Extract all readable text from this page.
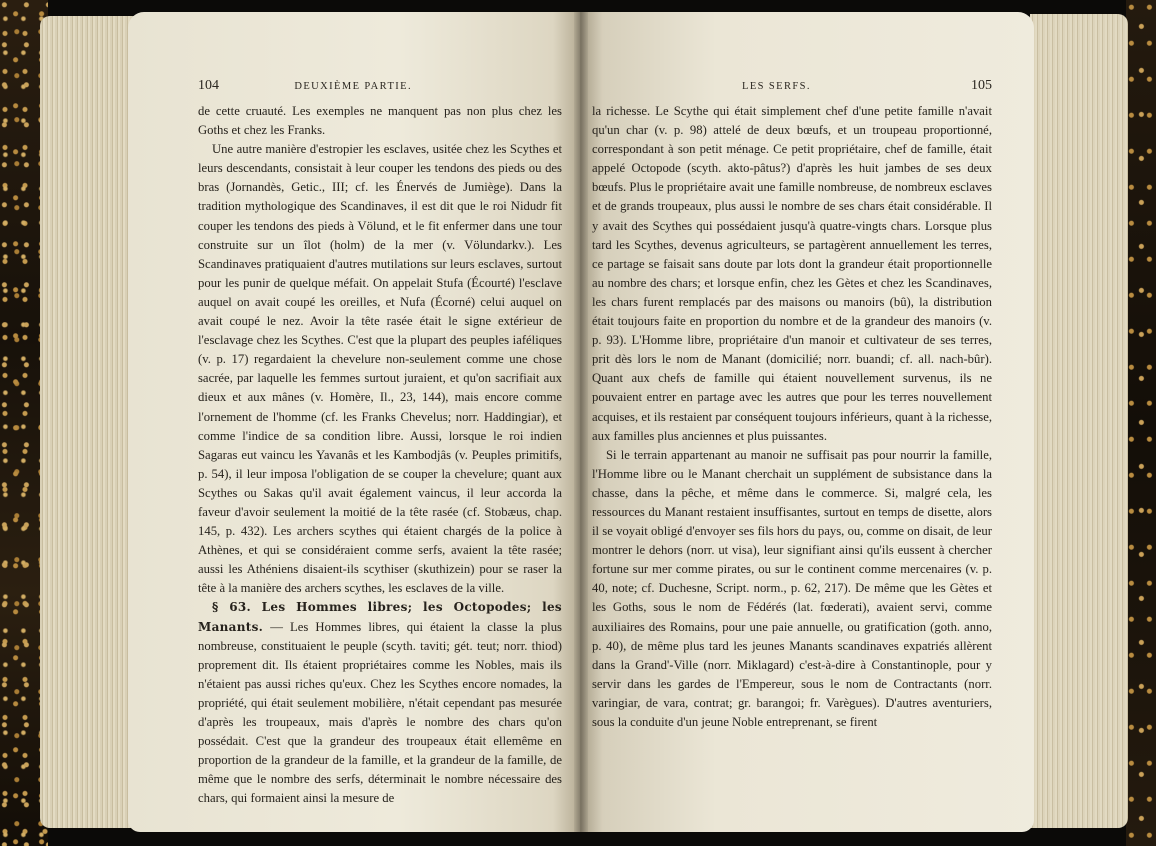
104	DEUXIÈME PARTIE.

de cette cruauté. Les exemples ne manquent pas non plus chez les Goths et chez les Franks.

Une autre manière d'estropier les esclaves, usitée chez les Scythes et leurs descendants, consistait à leur couper les tendons des pieds ou des bras (Jornandès, Getic., III; cf. les Énervés de Jumiège). Dans la tradition mythologique des Scandinaves, il est dit que le roi Nidudr fit couper les tendons des pieds à Völund, et le fit enfermer dans une tour construite sur un îlot (holm) de la mer (v. Völundarkv.). Les Scandinaves pratiquaient d'autres mutilations sur leurs esclaves, surtout pour les punir de quelque méfait. On appelait Stufa (Écourté) l'esclave auquel on avait coupé les oreilles, et Nufa (Écorné) celui auquel on avait coupé le nez. Avoir la tête rasée était le signe extérieur de l'esclavage chez les Scythes. C'est que la plupart des peuples iaféliques (v. p. 17) regardaient la chevelure non-seulement comme une chose sacrée, par laquelle les femmes surtout juraient, et qu'on sacrifiait aux dieux et aux mânes (v. Homère, Il., 23, 144), mais encore comme l'ornement de l'homme (cf. les Franks Chevelus; norr. Haddingiar), et comme l'indice de sa condition libre. Aussi, lorsque le roi indien Sagaras eut vaincu les Yavanâs et les Kambodjâs (v. Peuples primitifs, p. 54), il leur imposa l'obligation de se couper la chevelure; quant aux Scythes ou Sakas qu'il avait également vaincus, il leur accorda la faveur d'avoir seulement la moitié de la tête rasée (cf. Stobæus, chap. 145, p. 432). Les archers scythes qui étaient chargés de la police à Athènes, et qui se considéraient comme serfs, avaient la tête rasée; aussi les Athéniens disaient-ils scythiser (skuthizein) pour se raser la tête à la manière des archers scythes, les esclaves de la ville.

§ 63. Les Hommes libres; les Octopodes; les Manants. — Les Hommes libres, qui étaient la classe la plus nombreuse, constituaient le peuple (scyth. taviti; gét. teut; norr. thiod) proprement dit. Ils étaient propriétaires comme les Nobles, mais ils n'étaient pas aussi riches qu'eux. Chez les Scythes encore nomades, la propriété, qui était seulement mobilière, n'était cependant pas mesurée d'après les troupeaux, mais d'après le nombre des chars qu'on possédait. C'est que la grandeur des troupeaux était ellemême en proportion de la grandeur de la famille, et la grandeur de la famille, de même que le nombre des serfs, déterminait le nombre nécessaire des chars, qui formaient ainsi la mesure de

LES SERFS.	105

la richesse. Le Scythe qui était simplement chef d'une petite famille n'avait qu'un char (v. p. 98) attelé de deux bœufs, et un troupeau proportionné, correspondant à son petit ménage. Ce petit propriétaire, chef de famille, était appelé Octopode (scyth. akto-pâtus?) d'après les huit jambes de ses deux bœufs. Plus le propriétaire avait une famille nombreuse, de nombreux esclaves et de grands troupeaux, plus aussi le nombre de ses chars était considérable. Il y avait des Scythes qui possédaient jusqu'à quatre-vingts chars. Lorsque plus tard les Scythes, devenus agriculteurs, se partagèrent annuellement les terres, ce partage se faisait sans doute par lots dont la grandeur était proportionnelle au nombre des chars; et lorsque enfin, chez les Gètes et chez les Scandinaves, les chars furent remplacés par des maisons ou manoirs (bû), la distribution était toujours faite en proportion du nombre et de la grandeur des manoirs (v. p. 93). L'Homme libre, propriétaire d'un manoir et cultivateur de ses terres, prit dès lors le nom de Manant (domicilié; norr. buandi; cf. all. nach-bûr). Quant aux chefs de famille qui étaient nouvellement survenus, ils ne pouvaient entrer en partage avec les autres que pour les terres nouvellement acquises, et ils restaient par conséquent toujours inférieurs, quant à la richesse, aux familles plus anciennes et plus puissantes.

Si le terrain appartenant au manoir ne suffisait pas pour nourrir la famille, l'Homme libre ou le Manant cherchait un supplément de subsistance dans la chasse, dans la pêche, et même dans le commerce. Si, malgré cela, les ressources du Manant restaient insuffisantes, surtout en temps de disette, alors il se voyait obligé d'envoyer ses fils hors du pays, ou, comme on disait, de leur montrer le dehors (norr. ut visa), leur signifiant ainsi qu'ils eussent à chercher fortune sur mer comme pirates, ou sur le continent comme mercenaires (v. p. 40, note; cf. Duchesne, Script. norm., p. 62, 217). De même que les Gètes et les Goths, sous le nom de Fédérés (lat. fœderati), avaient servi, comme auxiliaires des Romains, pour une paie annuelle, ou gratification (goth. anno, p. 40), de même plus tard les jeunes Manants scandinaves expatriés allèrent dans la Grand'-Ville (norr. Miklagard) c'est-à-dire à Constantinople, pour y servir dans les gardes de l'Empereur, sous le nom de Contractants (norr. varingiar, de vara, contrat; gr. barangoi; fr. Varègues). D'autres aventuriers, sous la conduite d'un jeune Noble entreprenant, se firent
